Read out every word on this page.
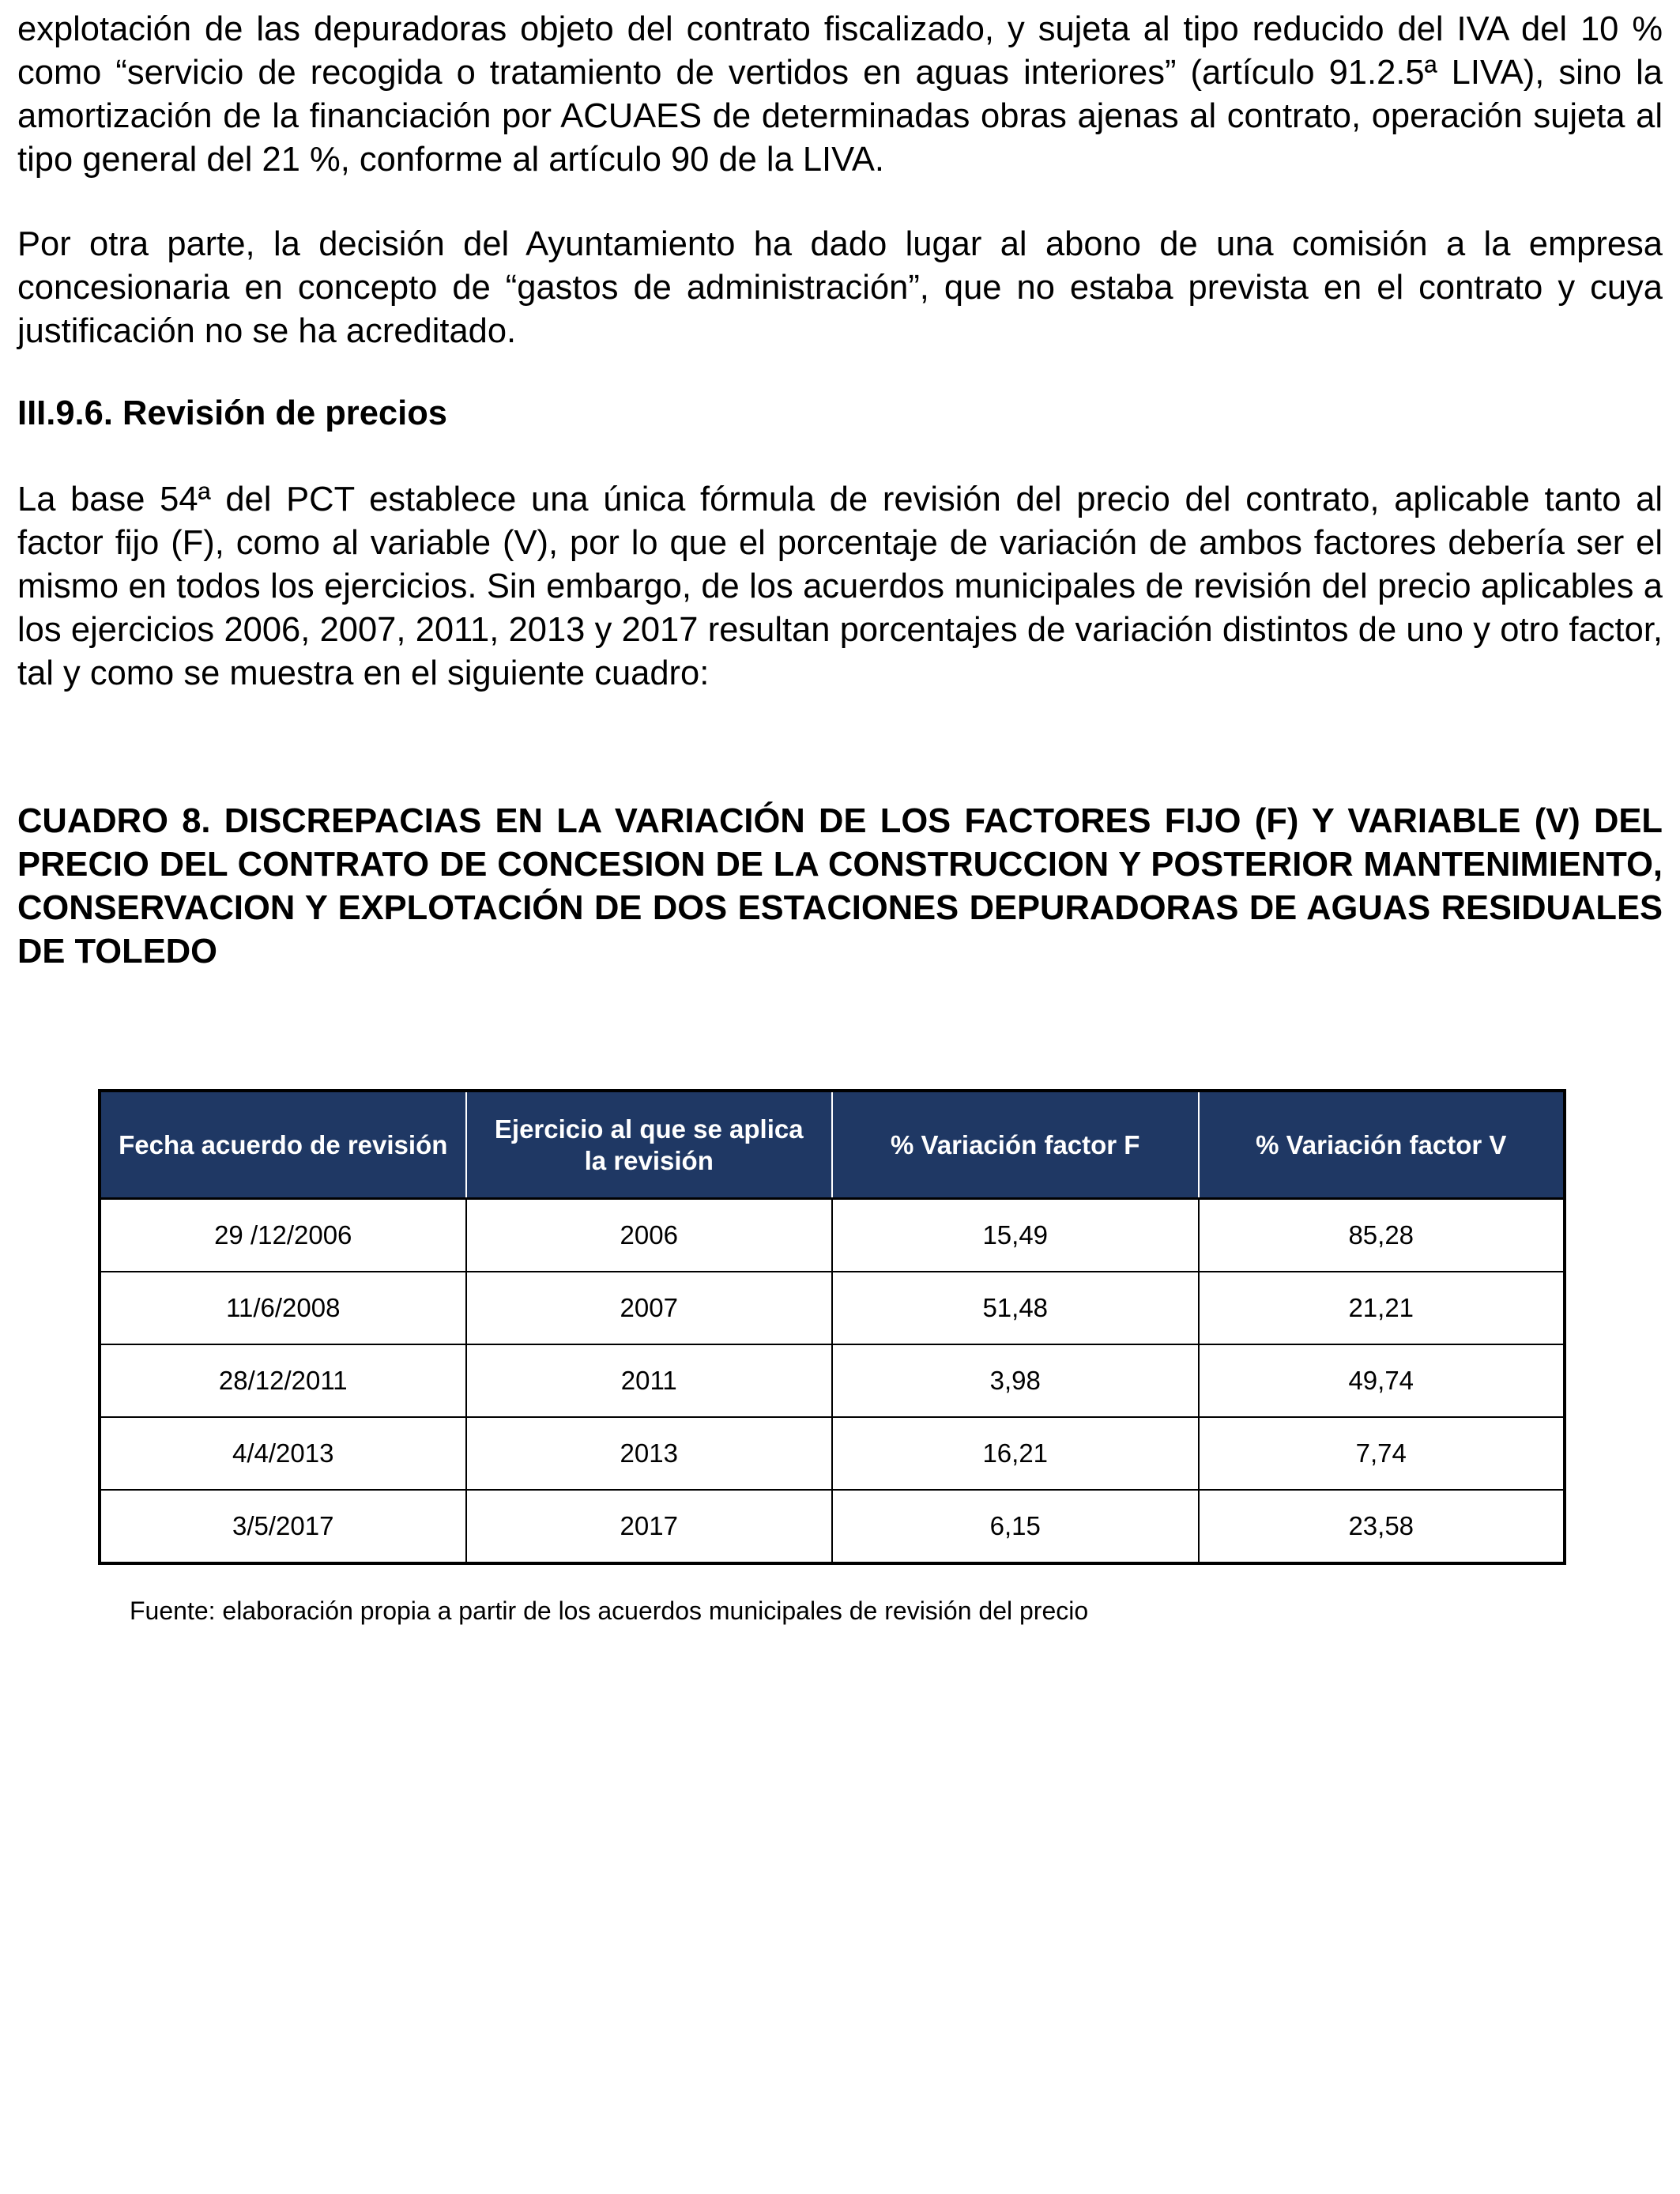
explotación de las depuradoras objeto del contrato fiscalizado, y sujeta al tipo reducido del IVA del 10 % como “servicio de recogida o tratamiento de vertidos en aguas interiores” (artículo 91.2.5ª LIVA), sino la amortización de la financiación por ACUAES de determinadas obras ajenas al contrato, operación sujeta al tipo general del 21 %, conforme al artículo 90 de la LIVA.

Por otra parte, la decisión del Ayuntamiento ha dado lugar al abono de una comisión a la empresa concesionaria en concepto de “gastos de administración”, que no estaba prevista en el contrato y cuya justificación no se ha acreditado.

III.9.6. Revisión de precios

La base 54ª del PCT establece una única fórmula de revisión del precio del contrato, aplicable tanto al factor fijo (F), como al variable (V), por lo que el porcentaje de variación de ambos factores debería ser el mismo en todos los ejercicios. Sin embargo, de los acuerdos municipales de revisión del precio aplicables a los ejercicios 2006, 2007, 2011, 2013 y 2017 resultan porcentajes de variación distintos de uno y otro factor, tal y como se muestra en el siguiente cuadro:

CUADRO 8. DISCREPACIAS EN LA VARIACIÓN DE LOS FACTORES FIJO (F) Y VARIABLE (V) DEL PRECIO DEL CONTRATO DE CONCESION DE LA CONSTRUCCION Y POSTERIOR MANTENIMIENTO, CONSERVACION Y EXPLOTACIÓN DE DOS ESTACIONES DEPURADORAS DE AGUAS RESIDUALES DE TOLEDO

Fecha acuerdo de revisión	Ejercicio al que se aplica la revisión	% Variación factor F	% Variación factor V
29 /12/2006	2006	15,49	85,28
11/6/2008	2007	51,48	21,21
28/12/2011	2011	3,98	49,74
4/4/2013	2013	16,21	7,74
3/5/2017	2017	6,15	23,58

Fuente: elaboración propia a partir de los acuerdos municipales de revisión del precio
